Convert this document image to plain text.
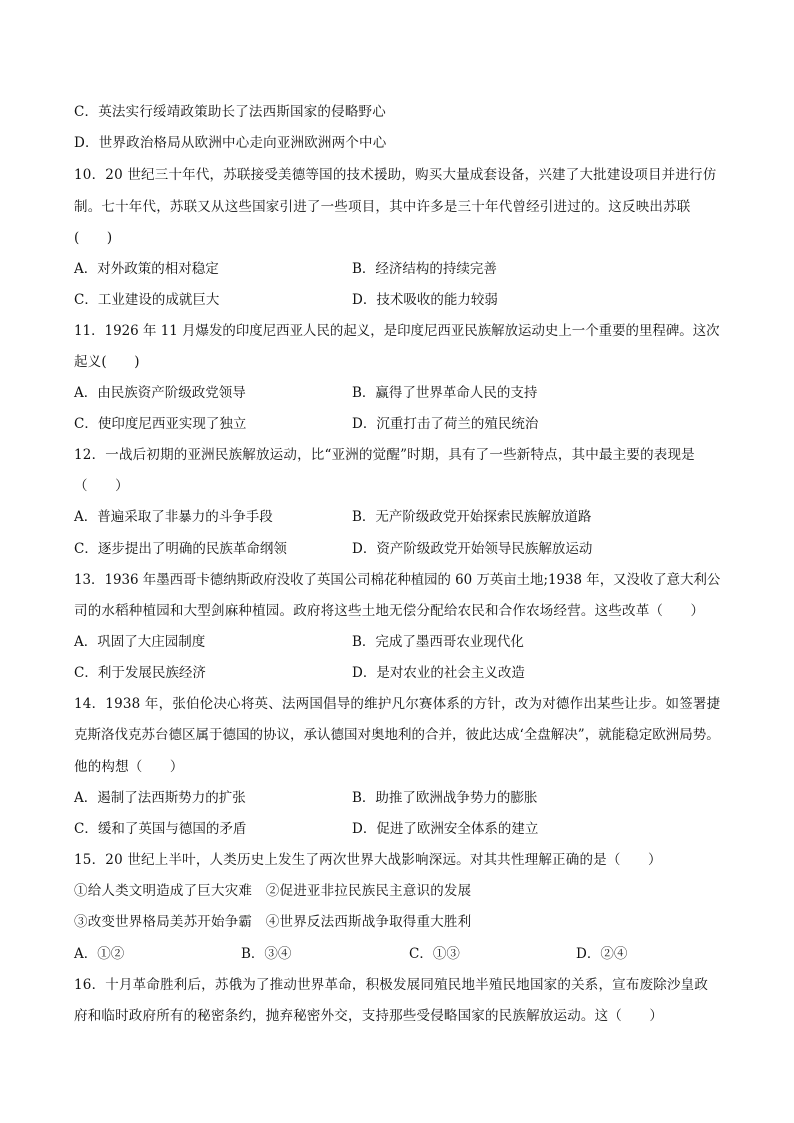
C．英法实行绥靖政策助长了法西斯国家的侵略野心
D．世界政治格局从欧洲中心走向亚洲欧洲两个中心
10．20 世纪三十年代，苏联接受美德等国的技术援助，购买大量成套设备，兴建了大批建设项目并进行仿
制。七十年代，苏联又从这些国家引进了一些项目，其中许多是三十年代曾经引进过的。这反映出苏联
(　　)
A．对外政策的相对稳定	B．经济结构的持续完善
C．工业建设的成就巨大	D．技术吸收的能力较弱
11．1926 年 11 月爆发的印度尼西亚人民的起义，是印度尼西亚民族解放运动史上一个重要的里程碑。这次
起义(　　)
A．由民族资产阶级政党领导	B．赢得了世界革命人民的支持
C．使印度尼西亚实现了独立	D．沉重打击了荷兰的殖民统治
12．一战后初期的亚洲民族解放运动，比“亚洲的觉醒”时期，具有了一些新特点，其中最主要的表现是
（　　）
A．普遍采取了非暴力的斗争手段	B．无产阶级政党开始探索民族解放道路
C．逐步提出了明确的民族革命纲领	D．资产阶级政党开始领导民族解放运动
13．1936 年墨西哥卡德纳斯政府没收了英国公司棉花种植园的 60 万英亩土地;1938 年，又没收了意大利公
司的水稻种植园和大型剑麻种植园。政府将这些土地无偿分配给农民和合作农场经营。这些改革（　　）
A．巩固了大庄园制度	B．完成了墨西哥农业现代化
C．利于发展民族经济	D．是对农业的社会主义改造
14．1938 年，张伯伦决心将英、法两国倡导的维护凡尔赛体系的方针，改为对德作出某些让步。如签署捷
克斯洛伐克苏台德区属于德国的协议，承认德国对奥地利的合并，彼此达成‘全盘解决”，就能稳定欧洲局势。
他的构想（　　）
A．遏制了法西斯势力的扩张	B．助推了欧洲战争势力的膨胀
C．缓和了英国与德国的矛盾	D．促进了欧洲安全体系的建立
15．20 世纪上半叶，人类历史上发生了两次世界大战影响深远。对其共性理解正确的是（　　）
①给人类文明造成了巨大灾难　②促进亚非拉民族民主意识的发展
③改变世界格局美苏开始争霸　④世界反法西斯战争取得重大胜利
A．①②	B．③④	C．①③	D．②④
16．十月革命胜利后，苏俄为了推动世界革命，积极发展同殖民地半殖民地国家的关系，宣布废除沙皇政
府和临时政府所有的秘密条约，抛弃秘密外交，支持那些受侵略国家的民族解放运动。这（　　）
